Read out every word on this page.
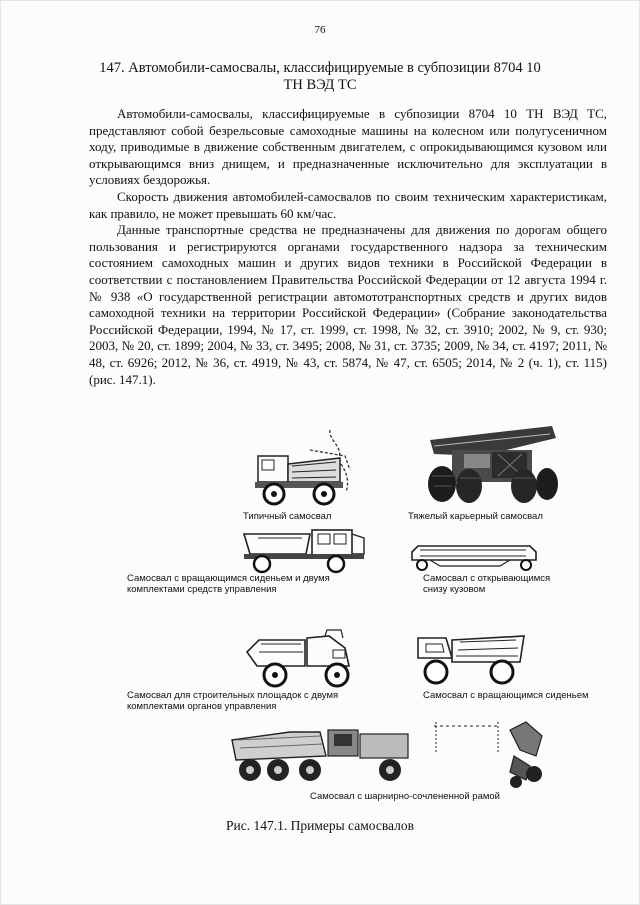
76
147. Автомобили-самосвалы, классифицируемые в субпозиции 8704 10
ТН ВЭД ТС

Автомобили-самосвалы, классифицируемые в субпозиции 8704 10 ТН ВЭД ТС, представляют собой безрельсовые самоходные машины на колесном или полугусеничном ходу, приводимые в движение собственным двигателем, с опрокидывающимся кузовом или открывающимся вниз днищем, и предназначенные исключительно для эксплуатации в условиях бездорожья.

Скорость движения автомобилей-самосвалов по своим техническим характеристикам, как правило, не может превышать 60 км/час.

Данные транспортные средства не предназначены для движения по дорогам общего пользования и регистрируются органами государственного надзора за техническим состоянием самоходных машин и других видов техники в Российской Федерации в соответствии с постановлением Правительства Российской Федерации от 12 августа 1994 г. № 938 «О государственной регистрации автомототранспортных средств и других видов самоходной техники на территории Российской Федерации» (Собрание законодательства Российской Федерации, 1994, № 17, ст. 1999, ст. 1998, № 32, ст. 3910; 2002, № 9, ст. 930; 2003, № 20, ст. 1899; 2004, № 33, ст. 3495; 2008, № 31, ст. 3735; 2009, № 34, ст. 4197; 2011, № 48, ст. 6926; 2012, № 36, ст. 4919, № 43, ст. 5874, № 47, ст. 6505; 2014, № 2 (ч. 1), ст. 115) (рис. 147.1).

Типичный самосвал	Тяжелый карьерный самосвал
Самосвал с вращающимся сиденьем и двумя
комплектами средств управления
Самосвал с открывающимся
снизу кузовом
Самосвал для строительных площадок с двумя
комплектами органов управления
Самосвал с вращающимся сиденьем
Самосвал с шарнирно-сочлененной рамой
Рис. 147.1. Примеры самосвалов
